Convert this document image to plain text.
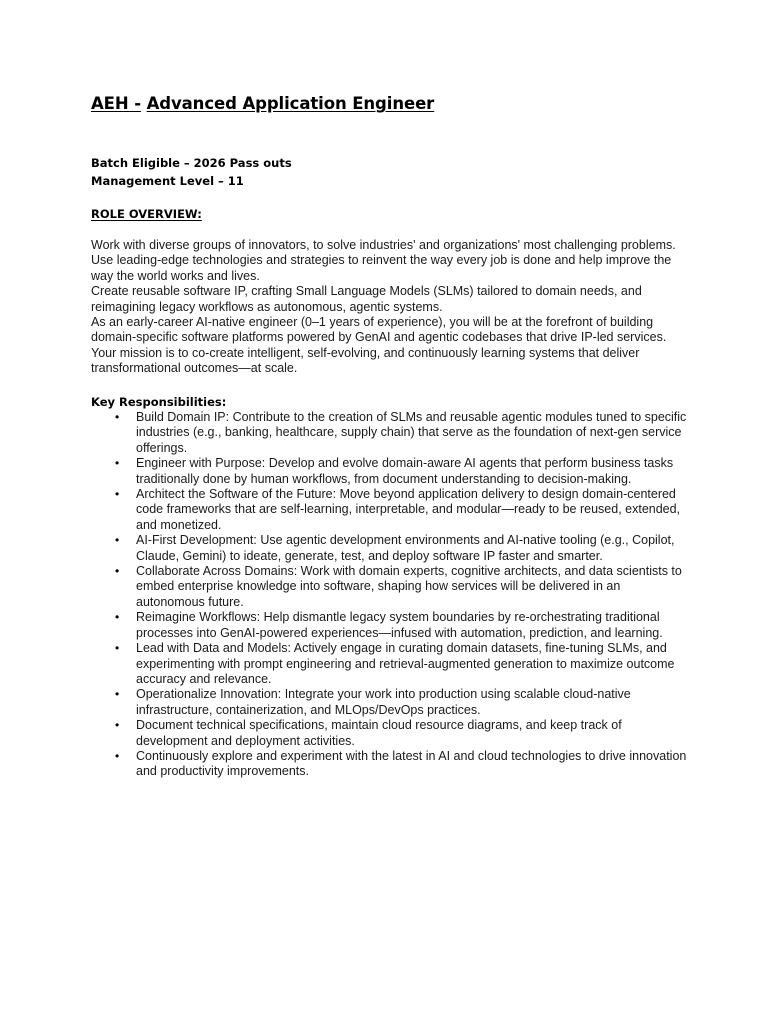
AEH - Advanced Application Engineer
Batch Eligible – 2026 Pass outs
Management Level – 11
ROLE OVERVIEW:

Work with diverse groups of innovators, to solve industries' and organizations' most challenging problems. Use leading-edge technologies and strategies to reinvent the way every job is done and help improve the way the world works and lives.

Create reusable software IP, crafting Small Language Models (SLMs) tailored to domain needs, and reimagining legacy workflows as autonomous, agentic systems.

As an early-career AI-native engineer (0–1 years of experience), you will be at the forefront of building domain-specific software platforms powered by GenAI and agentic codebases that drive IP-led services. Your mission is to co-create intelligent, self-evolving, and continuously learning systems that deliver transformational outcomes—at scale.

Key Responsibilities:
• Build Domain IP: Contribute to the creation of SLMs and reusable agentic modules tuned to specific industries (e.g., banking, healthcare, supply chain) that serve as the foundation of next-gen service offerings.
• Engineer with Purpose: Develop and evolve domain-aware AI agents that perform business tasks traditionally done by human workflows, from document understanding to decision-making.
• Architect the Software of the Future: Move beyond application delivery to design domain-centered code frameworks that are self-learning, interpretable, and modular—ready to be reused, extended, and monetized.
• AI-First Development: Use agentic development environments and AI-native tooling (e.g., Copilot, Claude, Gemini) to ideate, generate, test, and deploy software IP faster and smarter.
• Collaborate Across Domains: Work with domain experts, cognitive architects, and data scientists to embed enterprise knowledge into software, shaping how services will be delivered in an autonomous future.
• Reimagine Workflows: Help dismantle legacy system boundaries by re-orchestrating traditional processes into GenAI-powered experiences—infused with automation, prediction, and learning.
• Lead with Data and Models: Actively engage in curating domain datasets, fine-tuning SLMs, and experimenting with prompt engineering and retrieval-augmented generation to maximize outcome accuracy and relevance.
• Operationalize Innovation: Integrate your work into production using scalable cloud-native infrastructure, containerization, and MLOps/DevOps practices.
• Document technical specifications, maintain cloud resource diagrams, and keep track of development and deployment activities.
• Continuously explore and experiment with the latest in AI and cloud technologies to drive innovation and productivity improvements.
